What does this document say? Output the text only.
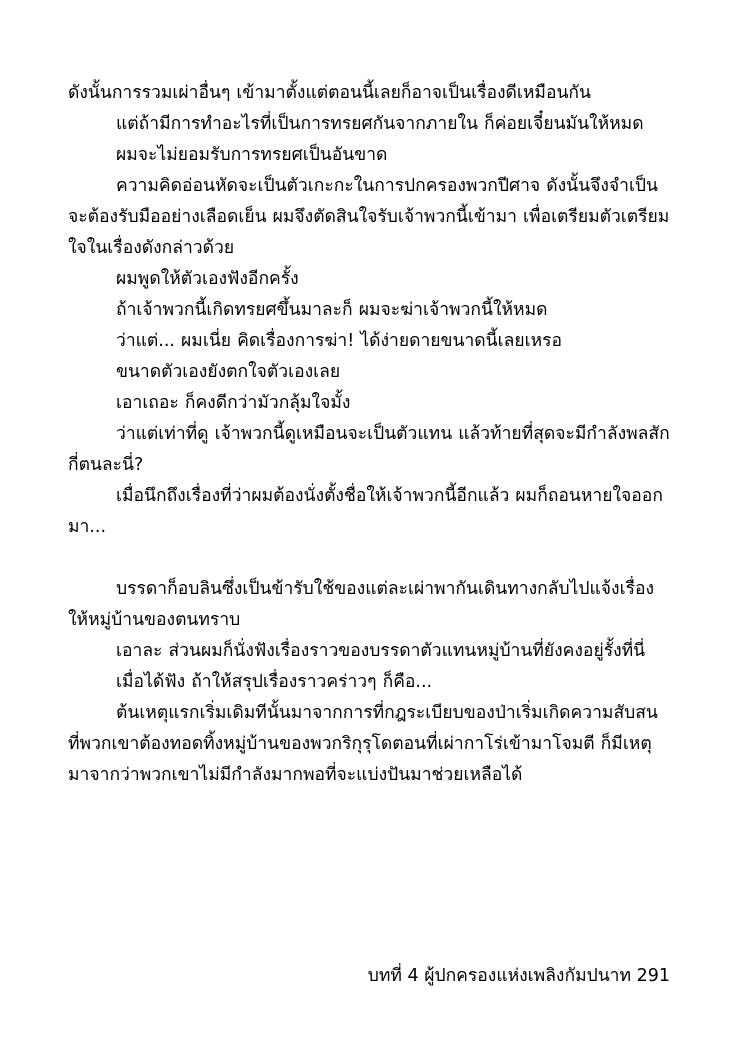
ดังนั้นการรวมเผ่าอื่นๆ เข้ามาตั้งแต่ตอนนี้เลยก็อาจเป็นเรื่องดีเหมือนกัน

แต่ถ้ามีการทำอะไรที่เป็นการทรยศกันจากภายใน ก็ค่อยเจี๋ยนมันให้หมด

ผมจะไม่ยอมรับการทรยศเป็นอันขาด

ความคิดอ่อนหัดจะเป็นตัวเกะกะในการปกครองพวกปีศาจ ดังนั้นจึงจำเป็นจะต้องรับมืออย่างเลือดเย็น ผมจึงตัดสินใจรับเจ้าพวกนี้เข้ามา เพื่อเตรียมตัวเตรียมใจในเรื่องดังกล่าวด้วย

ผมพูดให้ตัวเองฟังอีกครั้ง

ถ้าเจ้าพวกนี้เกิดทรยศขึ้นมาละก็ ผมจะฆ่าเจ้าพวกนี้ให้หมด

ว่าแต่... ผมเนี่ย คิดเรื่องการฆ่า! ได้ง่ายดายขนาดนี้เลยเหรอ

ขนาดตัวเองยังตกใจตัวเองเลย

เอาเถอะ ก็คงดีกว่ามัวกลุ้มใจมั้ง

ว่าแต่เท่าที่ดู เจ้าพวกนี้ดูเหมือนจะเป็นตัวแทน แล้วท้ายที่สุดจะมีกำลังพลสักกี่ตนละนี่?

เมื่อนึกถึงเรื่องที่ว่าผมต้องนั่งตั้งชื่อให้เจ้าพวกนี้อีกแล้ว ผมก็ถอนหายใจออกมา...

บรรดาก็อบลินซึ่งเป็นข้ารับใช้ของแต่ละเผ่าพากันเดินทางกลับไปแจ้งเรื่องให้หมู่บ้านของตนทราบ

เอาละ ส่วนผมก็นั่งฟังเรื่องราวของบรรดาตัวแทนหมู่บ้านที่ยังคงอยู่รั้งที่นี่

เมื่อได้ฟัง ถ้าให้สรุปเรื่องราวคร่าวๆ ก็คือ...

ต้นเหตุแรกเริ่มเดิมทีนั้นมาจากการที่กฎระเบียบของป่าเริ่มเกิดความสับสน ที่พวกเขาต้องทอดทิ้งหมู่บ้านของพวกริกุรุโดตอนที่เผ่ากาโร่เข้ามาโจมตี ก็มีเหตุมาจากว่าพวกเขาไม่มีกำลังมากพอที่จะแบ่งปันมาช่วยเหลือได้

บทที่ 4 ผู้ปกครองแห่งเพลิงกัมปนาท 291
